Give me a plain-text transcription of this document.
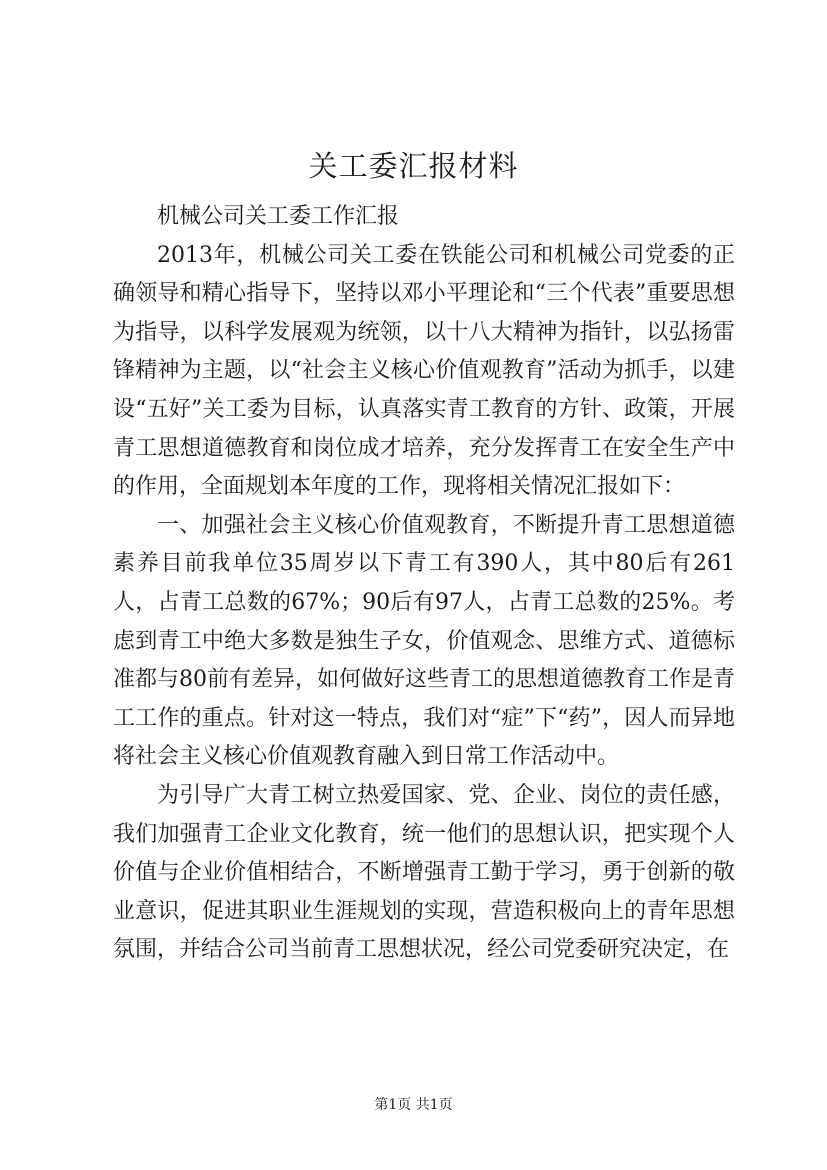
关工委汇报材料

机械公司关工委工作汇报

2013年，机械公司关工委在铁能公司和机械公司党委的正确领导和精心指导下，坚持以邓小平理论和“三个代表”重要思想为指导，以科学发展观为统领，以十八大精神为指针，以弘扬雷锋精神为主题，以“社会主义核心价值观教育”活动为抓手，以建设“五好”关工委为目标，认真落实青工教育的方针、政策，开展青工思想道德教育和岗位成才培养，充分发挥青工在安全生产中的作用，全面规划本年度的工作，现将相关情况汇报如下：

一、加强社会主义核心价值观教育，不断提升青工思想道德素养目前我单位35周岁以下青工有390人，其中80后有261人，占青工总数的67%；90后有97人，占青工总数的25%。考虑到青工中绝大多数是独生子女，价值观念、思维方式、道德标准都与80前有差异，如何做好这些青工的思想道德教育工作是青工工作的重点。针对这一特点，我们对“症”下“药”，因人而异地将社会主义核心价值观教育融入到日常工作活动中。

为引导广大青工树立热爱国家、党、企业、岗位的责任感，我们加强青工企业文化教育，统一他们的思想认识，把实现个人价值与企业价值相结合，不断增强青工勤于学习，勇于创新的敬业意识，促进其职业生涯规划的实现，营造积极向上的青年思想氛围，并结合公司当前青工思想状况，经公司党委研究决定，在

第1页 共1页
